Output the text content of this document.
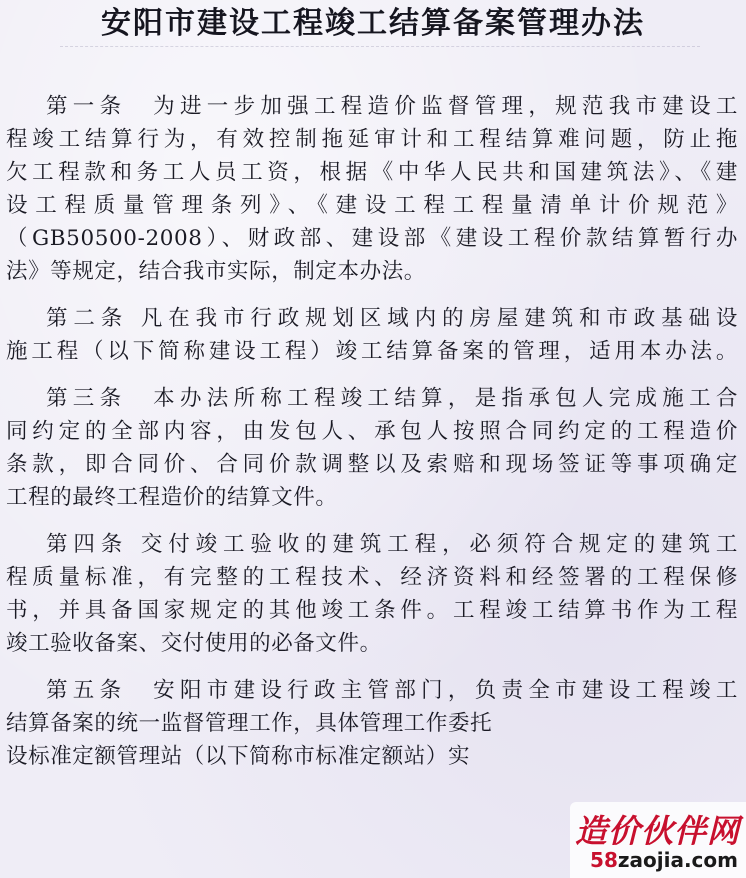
安阳市建设工程竣工结算备案管理办法
第一条　为进一步加强工程造价监督管理，规范我市建设工
程竣工结算行为，有效控制拖延审计和工程结算难问题，防止拖
欠工程款和务工人员工资，根据《中华人民共和国建筑法》、《建
设工程质量管理条列》、《建设工程工程量清单计价规范》
（GB50500-2008）、财政部、建设部《建设工程价款结算暂行办
法》等规定，结合我市实际，制定本办法。
第二条 凡在我市行政规划区域内的房屋建筑和市政基础设
施工程（以下简称建设工程）竣工结算备案的管理，适用本办法。
第三条　本办法所称工程竣工结算，是指承包人完成施工合
同约定的全部内容，由发包人、承包人按照合同约定的工程造价
条款，即合同价、合同价款调整以及索赔和现场签证等事项确定
工程的最终工程造价的结算文件。
第四条 交付竣工验收的建筑工程，必须符合规定的建筑工
程质量标准，有完整的工程技术、经济资料和经签署的工程保修
书，并具备国家规定的其他竣工条件。工程竣工结算书作为工程
竣工验收备案、交付使用的必备文件。
第五条　安阳市建设行政主管部门，负责全市建设工程竣工
结算备案的统一监督管理工作，具体管理工作委托
设标准定额管理站（以下简称市标准定额站）实
造价伙伴网
58zaojia.com
